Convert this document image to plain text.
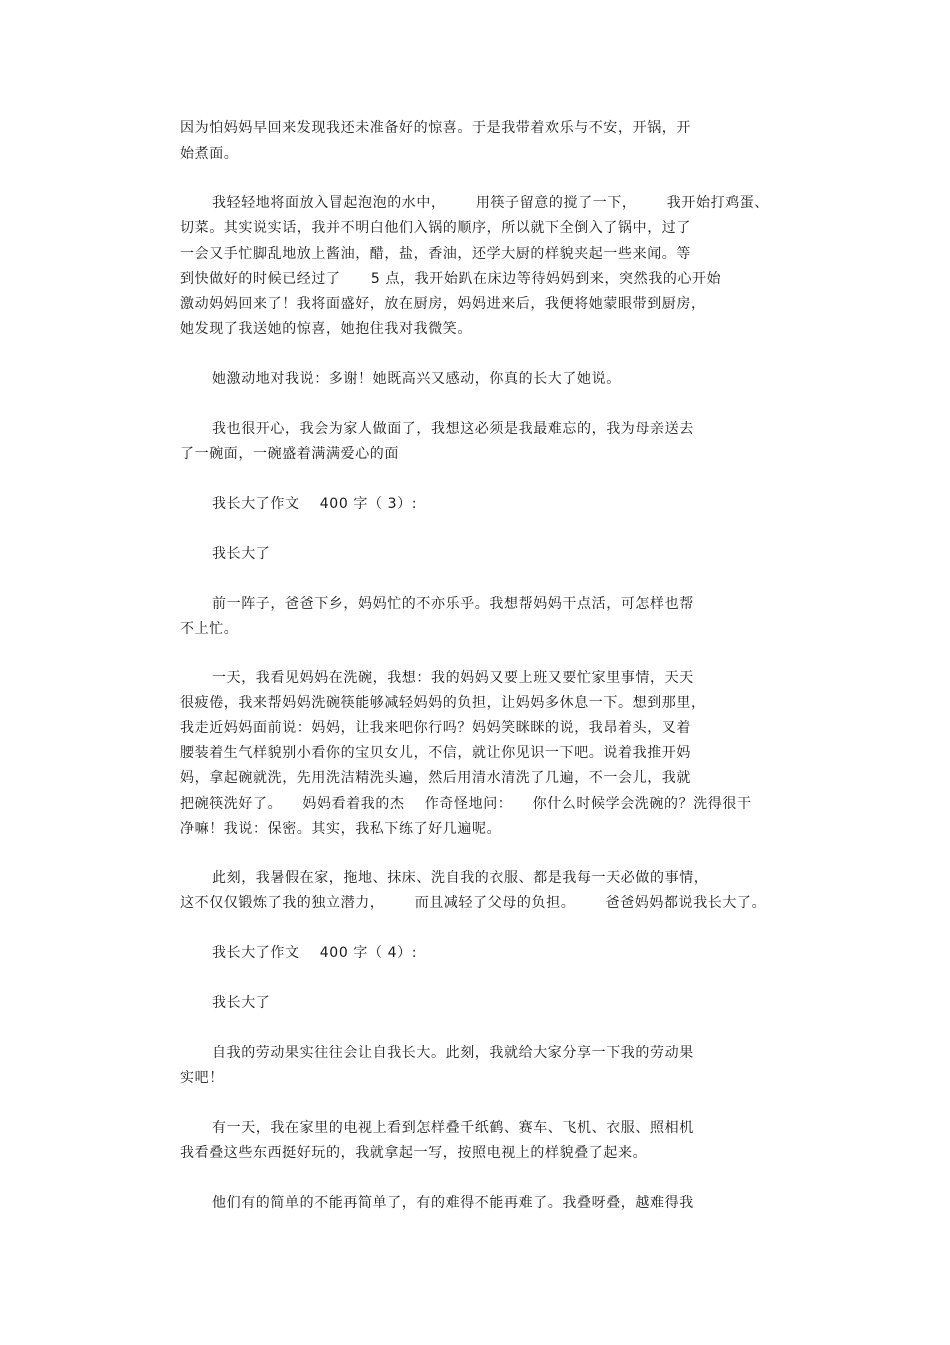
因为怕妈妈早回来发现我还未准备好的惊喜。于是我带着欢乐与不安，开锅，开
始煮面。
我轻轻地将面放入冒起泡泡的水中，      用筷子留意的搅了一下，      我开始打鸡蛋、
切菜。其实说实话，我并不明白他们入锅的顺序，所以就下全倒入了锅中，过了
一会又手忙脚乱地放上酱油，醋，盐，香油，还学大厨的样貌夹起一些来闻。等
到快做好的时候已经过了      5 点，我开始趴在床边等待妈妈到来，突然我的心开始
激动妈妈回来了！我将面盛好，放在厨房，妈妈进来后，我便将她蒙眼带到厨房，
她发现了我送她的惊喜，她抱住我对我微笑。
她激动地对我说：多谢！她既高兴又感动，你真的长大了她说。
我也很开心，我会为家人做面了，我想这必须是我最难忘的，我为母亲送去
了一碗面，一碗盛着满满爱心的面
我长大了作文    400 字（ 3）:
我长大了
前一阵子，爸爸下乡，妈妈忙的不亦乐乎。我想帮妈妈干点活，可怎样也帮
不上忙。
一天，我看见妈妈在洗碗，我想：我的妈妈又要上班又要忙家里事情，天天
很疲倦，我来帮妈妈洗碗筷能够减轻妈妈的负担，让妈妈多休息一下。想到那里，
我走近妈妈面前说：妈妈，让我来吧你行吗？妈妈笑眯眯的说，我昂着头，叉着
腰装着生气样貌别小看你的宝贝女儿，不信，就让你见识一下吧。说着我推开妈
妈，拿起碗就洗，先用洗洁精洗头遍，然后用清水清洗了几遍，不一会儿，我就
把碗筷洗好了。    妈妈看着我的杰    作奇怪地问：    你什么时候学会洗碗的？洗得很干
净嘛！我说：保密。其实，我私下练了好几遍呢。
此刻，我暑假在家，拖地、抹床、洗自我的衣服、都是我每一天必做的事情，
这不仅仅锻炼了我的独立潜力，      而且减轻了父母的负担。      爸爸妈妈都说我长大了。
我长大了作文    400 字（ 4）:
我长大了
自我的劳动果实往往会让自我长大。此刻，我就给大家分享一下我的劳动果
实吧！
有一天，我在家里的电视上看到怎样叠千纸鹤、赛车、飞机、衣服、照相机
我看叠这些东西挺好玩的，我就拿起一写，按照电视上的样貌叠了起来。
他们有的简单的不能再简单了，有的难得不能再难了。我叠呀叠，越难得我
